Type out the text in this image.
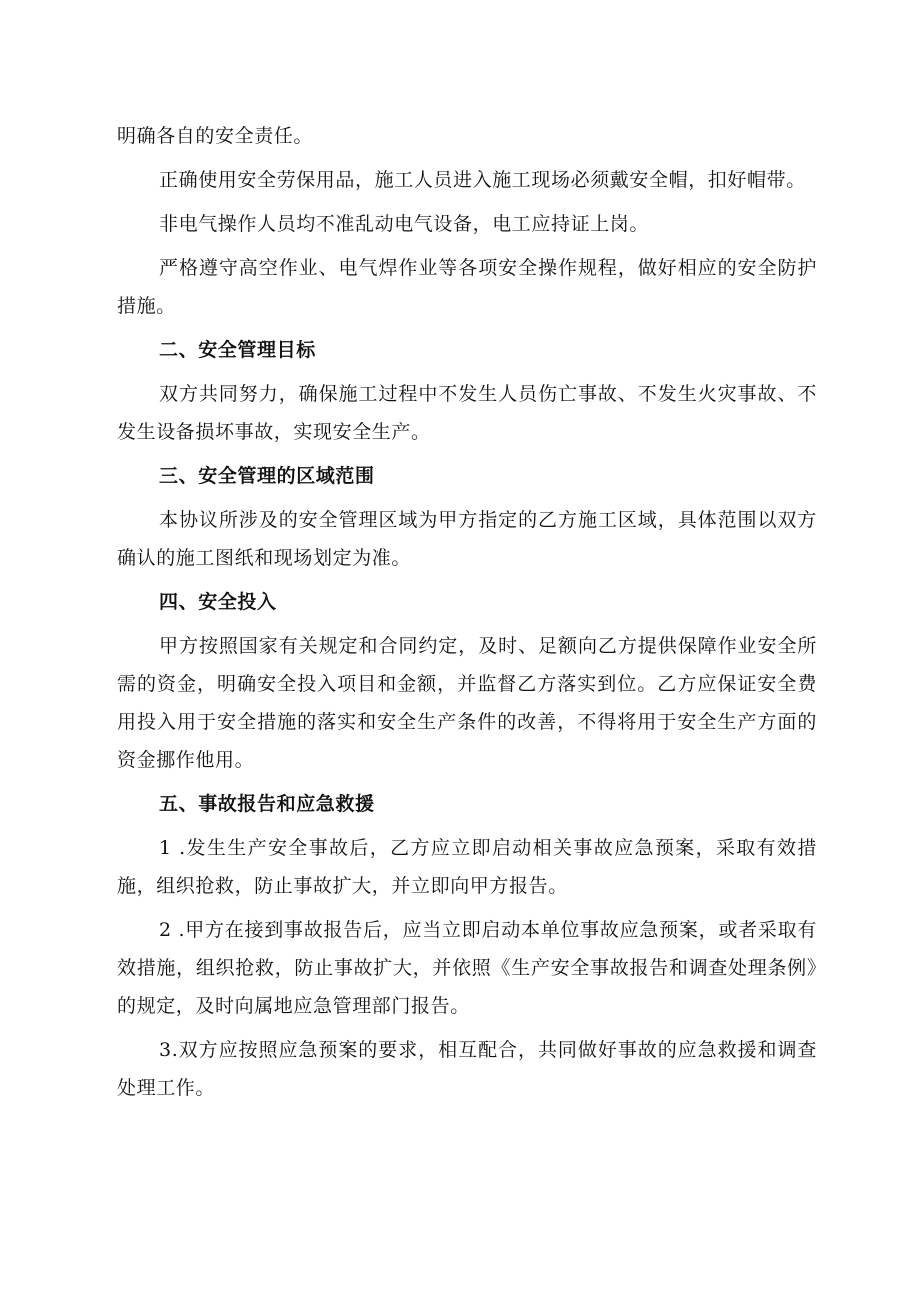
明确各自的安全责任。

正确使用安全劳保用品，施工人员进入施工现场必须戴安全帽，扣好帽带。

非电气操作人员均不准乱动电气设备，电工应持证上岗。

严格遵守高空作业、电气焊作业等各项安全操作规程，做好相应的安全防护措施。

二、安全管理目标

双方共同努力，确保施工过程中不发生人员伤亡事故、不发生火灾事故、不发生设备损坏事故，实现安全生产。

三、安全管理的区域范围

本协议所涉及的安全管理区域为甲方指定的乙方施工区域，具体范围以双方确认的施工图纸和现场划定为准。

四、安全投入

甲方按照国家有关规定和合同约定，及时、足额向乙方提供保障作业安全所需的资金，明确安全投入项目和金额，并监督乙方落实到位。乙方应保证安全费用投入用于安全措施的落实和安全生产条件的改善，不得将用于安全生产方面的资金挪作他用。

五、事故报告和应急救援

1 .发生生产安全事故后，乙方应立即启动相关事故应急预案，采取有效措施，组织抢救，防止事故扩大，并立即向甲方报告。

2 .甲方在接到事故报告后，应当立即启动本单位事故应急预案，或者采取有效措施，组织抢救，防止事故扩大，并依照《生产安全事故报告和调查处理条例》的规定，及时向属地应急管理部门报告。

3.双方应按照应急预案的要求，相互配合，共同做好事故的应急救援和调查处理工作。
